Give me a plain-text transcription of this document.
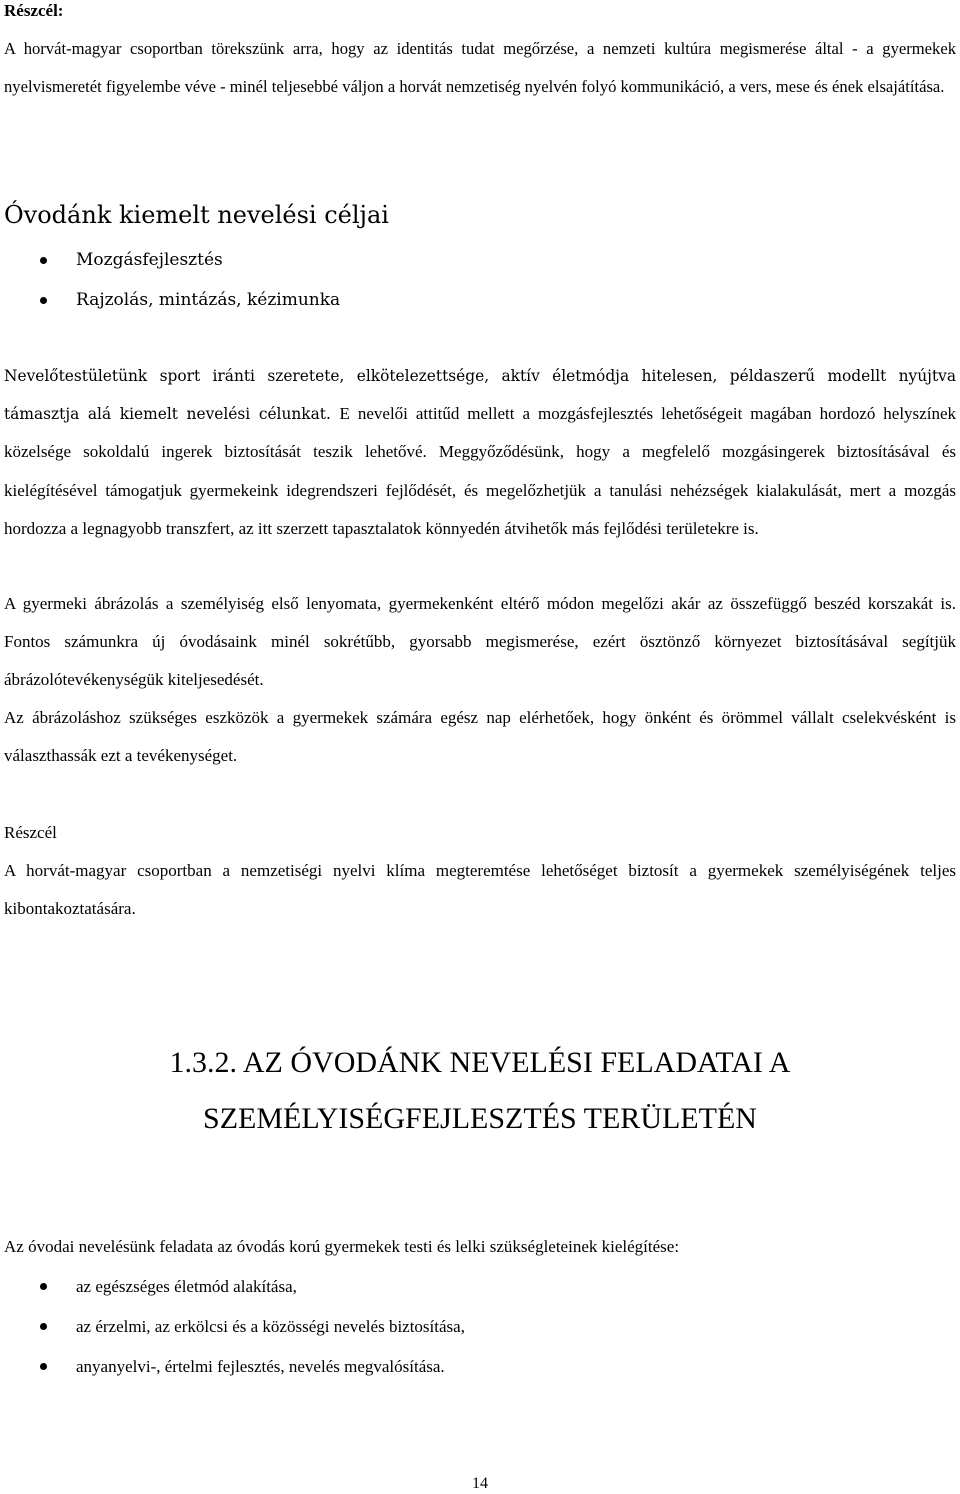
Részcél:

A horvát-magyar csoportban törekszünk arra, hogy az identitás tudat megőrzése, a nemzeti kultúra megismerése által - a gyermekek nyelvismeretét figyelembe véve - minél teljesebbé váljon a horvát nemzetiség nyelvén folyó kommunikáció, a vers, mese és ének elsajátítása.

Óvodánk kiemelt nevelési céljai
Mozgásfejlesztés
Rajzolás, mintázás, kézimunka

Nevelőtestületünk sport iránti szeretete, elkötelezettsége, aktív életmódja hitelesen, példaszerű modellt nyújtva támasztja alá kiemelt nevelési célunkat. E nevelői attitűd mellett a mozgásfejlesztés lehetőségeit magában hordozó helyszínek közelsége sokoldalú ingerek biztosítását teszik lehetővé. Meggyőződésünk, hogy a megfelelő mozgásingerek biztosításával és kielégítésével támogatjuk gyermekeink idegrendszeri fejlődését, és megelőzhetjük a tanulási nehézségek kialakulását, mert a mozgás hordozza a legnagyobb transzfert, az itt szerzett tapasztalatok könnyedén átvihetők más fejlődési területekre is.

A gyermeki ábrázolás a személyiség első lenyomata, gyermekenként eltérő módon megelőzi akár az összefüggő beszéd korszakát is. Fontos számunkra új óvodásaink minél sokrétűbb, gyorsabb megismerése, ezért ösztönző környezet biztosításával segítjük ábrázolótevékenységük kiteljesedését.

Az ábrázoláshoz szükséges eszközök a gyermekek számára egész nap elérhetőek, hogy önként és örömmel vállalt cselekvésként is választhassák ezt a tevékenységet.

Részcél

A horvát-magyar csoportban a nemzetiségi nyelvi klíma megteremtése lehetőséget biztosít a gyermekek személyiségének teljes kibontakoztatására.

1.3.2. AZ ÓVODÁNK NEVELÉSI FELADATAI A
SZEMÉLYISÉGFEJLESZTÉS TERÜLETÉN
Az óvodai nevelésünk feladata az óvodás korú gyermekek testi és lelki szükségleteinek kielégítése:
az egészséges életmód alakítása,
az érzelmi, az erkölcsi és a közösségi nevelés biztosítása,
anyanyelvi-, értelmi fejlesztés, nevelés megvalósítása.
14
